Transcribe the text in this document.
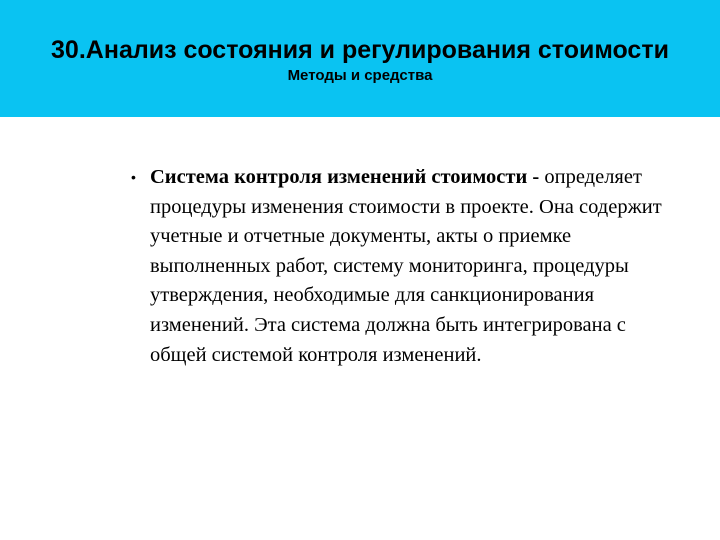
30.Анализ состояния и регулирования стоимости
Методы и средства
• Система контроля изменений стоимости - определяет процедуры изменения стоимости в проекте. Она содержит учетные и отчетные документы, акты о приемке выполненных работ, систему мониторинга, процедуры утверждения, необходимые для санкционирования изменений. Эта система должна быть интегрирована с общей системой контроля изменений.
